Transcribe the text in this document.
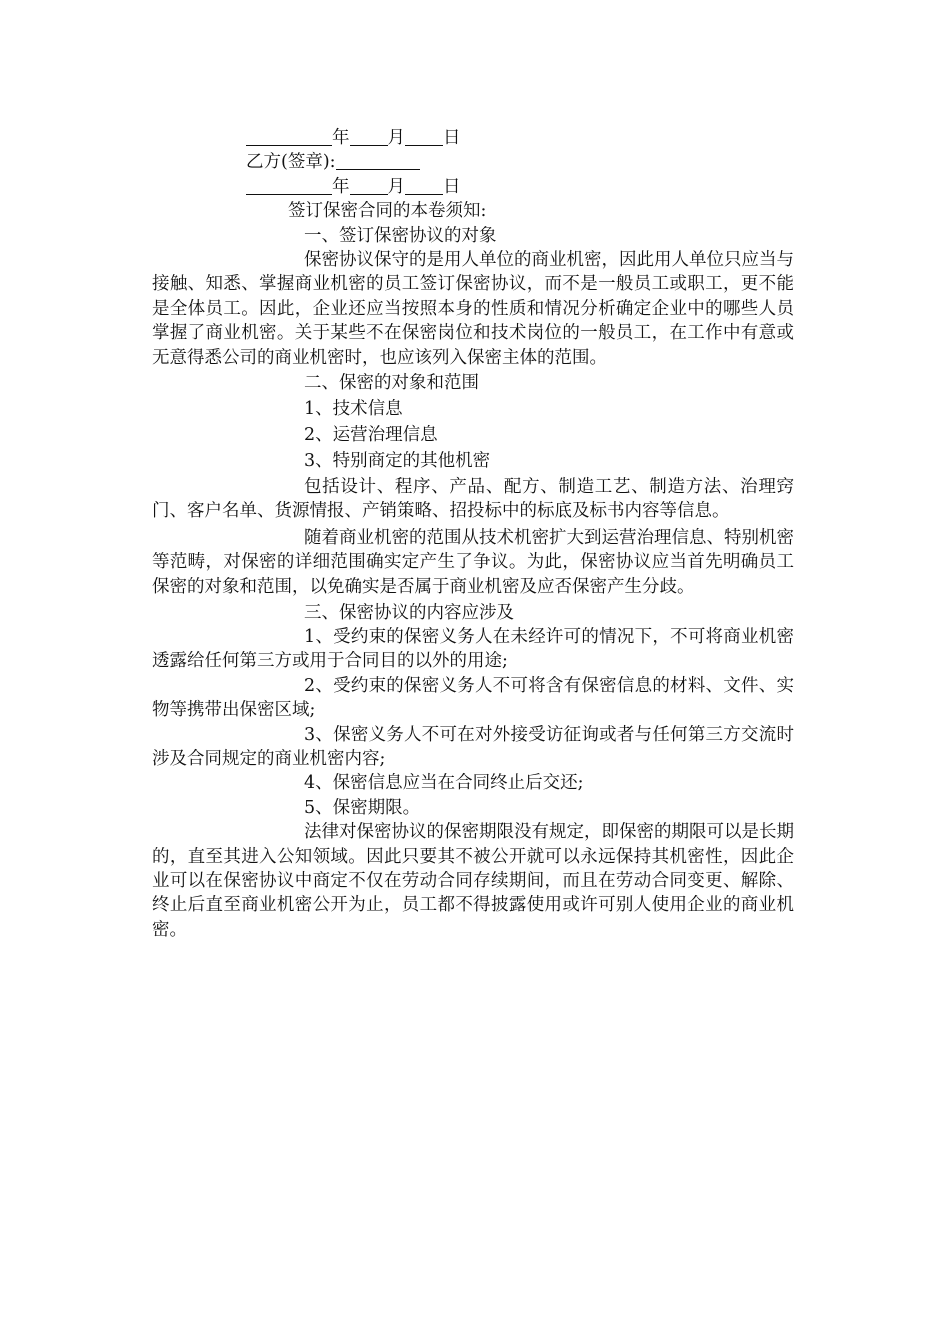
年 月 日
乙方(签章):
年 月 日
签订保密合同的本卷须知:
一、签订保密协议的对象

保密协议保守的是用人单位的商业机密，因此用人单位只应当与接触、知悉、掌握商业机密的员工签订保密协议，而不是一般员工或职工，更不能是全体员工。因此，企业还应当按照本身的性质和情况分析确定企业中的哪些人员掌握了商业机密。关于某些不在保密岗位和技术岗位的一般员工，在工作中有意或无意得悉公司的商业机密时，也应该列入保密主体的范围。

二、保密的对象和范围
1、技术信息
2、运营治理信息
3、特别商定的其他机密

包括设计、程序、产品、配方、制造工艺、制造方法、治理窍门、客户名单、货源情报、产销策略、招投标中的标底及标书内容等信息。

随着商业机密的范围从技术机密扩大到运营治理信息、特别机密等范畴，对保密的详细范围确实定产生了争议。为此，保密协议应当首先明确员工保密的对象和范围，以免确实是否属于商业机密及应否保密产生分歧。

三、保密协议的内容应涉及

1、受约束的保密义务人在未经许可的情况下，不可将商业机密透露给任何第三方或用于合同目的以外的用途;

2、受约束的保密义务人不可将含有保密信息的材料、文件、实物等携带出保密区域;

3、保密义务人不可在对外接受访征询或者与任何第三方交流时涉及合同规定的商业机密内容;

4、保密信息应当在合同终止后交还;

5、保密期限。

法律对保密协议的保密期限没有规定，即保密的期限可以是长期的，直至其进入公知领域。因此只要其不被公开就可以永远保持其机密性，因此企业可以在保密协议中商定不仅在劳动合同存续期间，而且在劳动合同变更、解除、终止后直至商业机密公开为止，员工都不得披露使用或许可别人使用企业的商业机密。
